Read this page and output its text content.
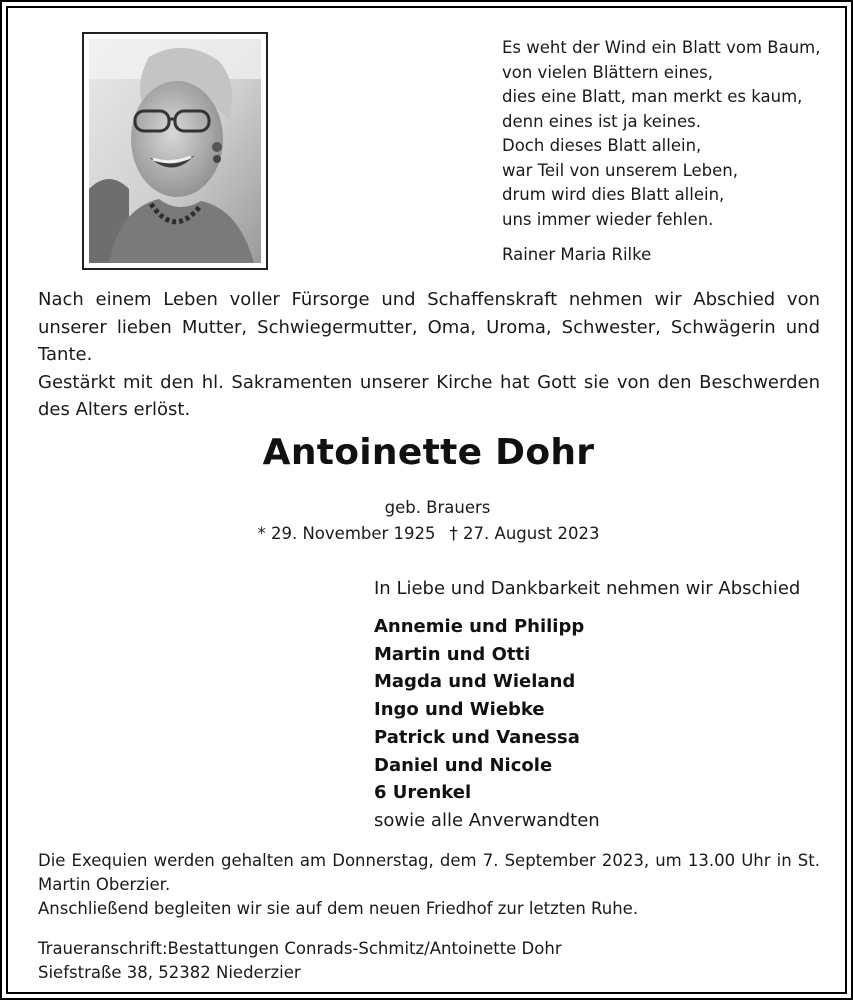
Es weht der Wind ein Blatt vom Baum,
von vielen Blättern eines,
dies eine Blatt, man merkt es kaum,
denn eines ist ja keines.
Doch dieses Blatt allein,
war Teil von unserem Leben,
drum wird dies Blatt allein,
uns immer wieder fehlen.
Rainer Maria Rilke

Nach einem Leben voller Fürsorge und Schaffenskraft nehmen wir Abschied von unserer lieben Mutter, Schwiegermutter, Oma, Uroma, Schwester, Schwägerin und Tante.

Gestärkt mit den hl. Sakramenten unserer Kirche hat Gott sie von den Beschwerden des Alters erlöst.

Antoinette Dohr
geb. Brauers
* 29. November 1925 † 27. August 2023
In Liebe und Dankbarkeit nehmen wir Abschied
Annemie und Philipp
Martin und Otti
Magda und Wieland
Ingo und Wiebke
Patrick und Vanessa
Daniel und Nicole
6 Urenkel
sowie alle Anverwandten

Die Exequien werden gehalten am Donnerstag, dem 7. September 2023, um 13.00 Uhr in St. Martin Oberzier.

Anschließend begleiten wir sie auf dem neuen Friedhof zur letzten Ruhe.

Traueranschrift:Bestattungen Conrads-Schmitz/Antoinette Dohr
Siefstraße 38, 52382 Niederzier
